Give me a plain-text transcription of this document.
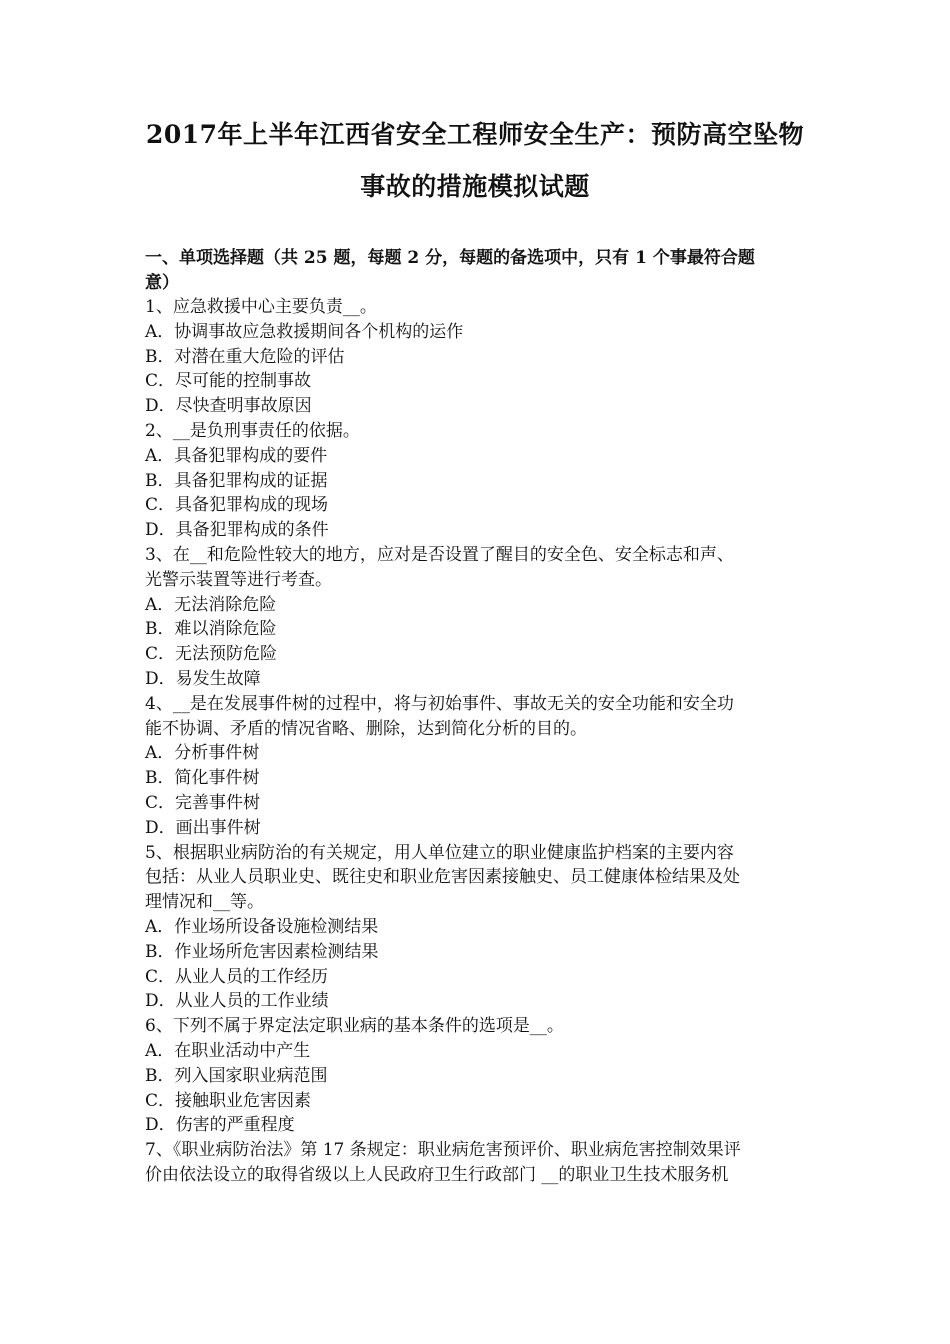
2017年上半年江西省安全工程师安全生产：预防高空坠物
事故的措施模拟试题

一、单项选择题（共 25 题，每题 2 分，每题的备选项中，只有 1 个事最符合题

意）

1、应急救援中心主要负责__。

A．协调事故应急救援期间各个机构的运作

B．对潜在重大危险的评估

C．尽可能的控制事故

D．尽快查明事故原因

2、__是负刑事责任的依据。

A．具备犯罪构成的要件

B．具备犯罪构成的证据

C．具备犯罪构成的现场

D．具备犯罪构成的条件

3、在__和危险性较大的地方，应对是否设置了醒目的安全色、安全标志和声、

光警示装置等进行考查。

A．无法消除危险

B．难以消除危险

C．无法预防危险

D．易发生故障

4、__是在发展事件树的过程中，将与初始事件、事故无关的安全功能和安全功

能不协调、矛盾的情况省略、删除，达到简化分析的目的。

A．分析事件树

B．简化事件树

C．完善事件树

D．画出事件树

5、根据职业病防治的有关规定，用人单位建立的职业健康监护档案的主要内容

包括：从业人员职业史、既往史和职业危害因素接触史、员工健康体检结果及处

理情况和__等。

A．作业场所设备设施检测结果

B．作业场所危害因素检测结果

C．从业人员的工作经历

D．从业人员的工作业绩

6、下列不属于界定法定职业病的基本条件的选项是__。

A．在职业活动中产生

B．列入国家职业病范围

C．接触职业危害因素

D．伤害的严重程度

7、《职业病防治法》第 17 条规定：职业病危害预评价、职业病危害控制效果评

价由依法设立的取得省级以上人民政府卫生行政部门 __的职业卫生技术服务机
